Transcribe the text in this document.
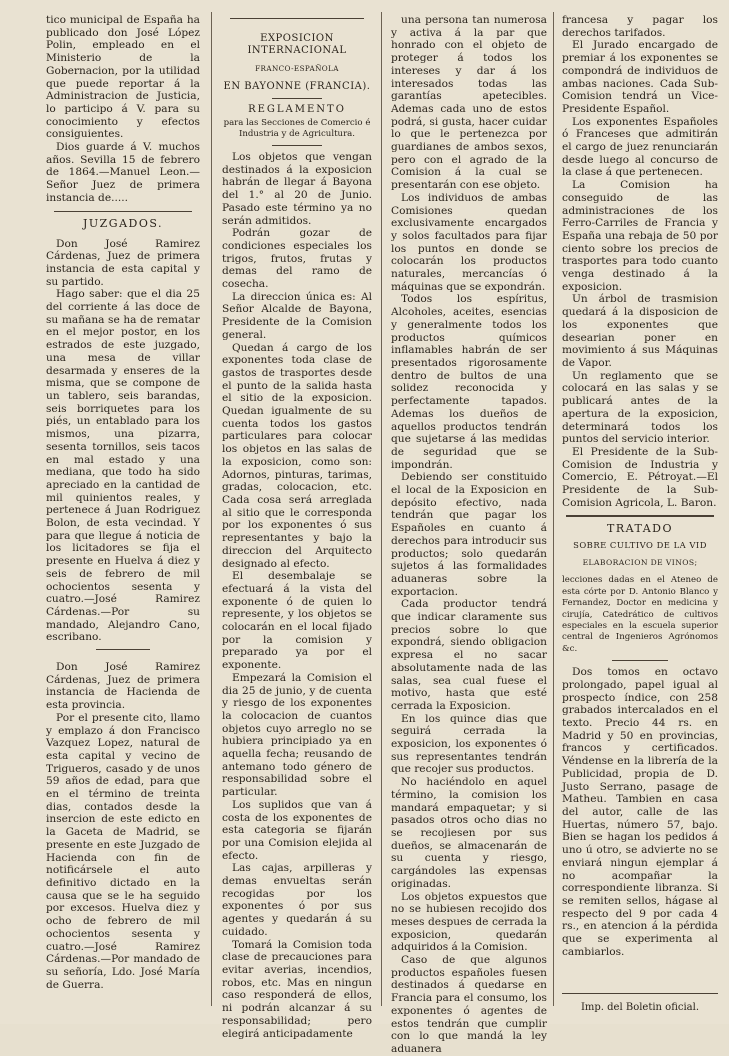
tico municipal de España ha publicado don José López Polin, empleado en el Ministerio de la Gobernacion, por la utilidad que puede reportar á la Administracion de Justicia, lo participo á V. para su conocimiento y efectos consiguientes.

Dios guarde á V. muchos años. Sevilla 15 de febrero de 1864.—Manuel Leon.—Señor Juez de primera instancia de.....

JUZGADOS.

Don José Ramirez Cárdenas, Juez de primera instancia de esta capital y su partido.

Hago saber: que el dia 25 del corriente á las doce de su mañana se ha de rematar en el mejor postor, en los estrados de este juzgado, una mesa de villar desarmada y enseres de la misma, que se compone de un tablero, seis barandas, seis borriquetes para los piés, un entablado para los mismos, una pizarra, sesenta tornillos, seis tacos en mal estado y una mediana, que todo ha sido apreciado en la cantidad de mil quinientos reales, y pertenece á Juan Rodriguez Bolon, de esta vecindad. Y para que llegue á noticia de los licitadores se fija el presente en Huelva á diez y seis de febrero de mil ochocientos sesenta y cuatro.—José Ramirez Cárdenas.—Por su mandado, Alejandro Cano, escribano.

Don José Ramirez Cárdenas, Juez de primera instancia de Hacienda de esta provincia.

Por el presente cito, llamo y emplazo á don Francisco Vazquez Lopez, natural de esta capital y vecino de Trigueros, casado y de unos 59 años de edad, para que en el término de treinta dias, contados desde la insercion de este edicto en la Gaceta de Madrid, se presente en este Juzgado de Hacienda con fin de notificársele el auto definitivo dictado en la causa que se le ha seguido por excesos. Huelva diez y ocho de febrero de mil ochocientos sesenta y cuatro.—José Ramirez Cárdenas.—Por mandado de su señoría, Ldo. José María de Guerra.

EXPOSICION INTERNACIONAL
FRANCO-ESPAÑOLA
EN BAYONNE (FRANCIA).
REGLAMENTO
para las Secciones de Comercio é Industria y de Agricultura.

Los objetos que vengan destinados á la exposicion habrán de llegar á Bayona del 1.° al 20 de Junio. Pasado este término ya no serán admitidos.

Podrán gozar de condiciones especiales los trigos, frutos, frutas y demas del ramo de cosecha.

La direccion única es: Al Señor Alcalde de Bayona, Presidente de la Comision general.

Quedan á cargo de los exponentes toda clase de gastos de trasportes desde el punto de la salida hasta el sitio de la exposicion. Quedan igualmente de su cuenta todos los gastos particulares para colocar los objetos en las salas de la exposicion, como son: Adornos, pinturas, tarimas, gradas, colocacion, etc. Cada cosa será arreglada al sitio que le corresponda por los exponentes ó sus representantes y bajo la direccion del Arquitecto designado al efecto.

El desembalaje se efectuará á la vista del exponente ó de quien lo represente, y los objetos se colocarán en el local fijado por la comision y preparado ya por el exponente.

Empezará la Comision el dia 25 de junio, y de cuenta y riesgo de los exponentes la colocacion de cuantos objetos cuyo arreglo no se hubiera principiado ya en aquella fecha; reusando de antemano todo género de responsabilidad sobre el particular.

Los suplidos que van á costa de los exponentes de esta categoria se fijarán por una Comision elejida al efecto.

Las cajas, arpilleras y demas envueltas serán recogidas por los exponentes ó por sus agentes y quedarán á su cuidado.

Tomará la Comision toda clase de precauciones para evitar averias, incendios, robos, etc. Mas en ningun caso responderá de ellos, ni podrán alcanzar á su responsabilidad; pero elegirá anticipadamente

una persona tan numerosa y activa á la par que honrado con el objeto de proteger á todos los intereses y dar á los interesados todas las garantías apetecibles. Ademas cada uno de estos podrá, si gusta, hacer cuidar lo que le pertenezca por guardianes de ambos sexos, pero con el agrado de la Comision á la cual se presentarán con ese objeto.

Los individuos de ambas Comisiones quedan exclusivamente encargados y solos facultados para fijar los puntos en donde se colocarán los productos naturales, mercancías ó máquinas que se expondrán.

Todos los espíritus, Alcoholes, aceites, esencias y generalmente todos los productos químicos inflamables habrán de ser presentados rigorosamente dentro de bultos de una solidez reconocida y perfectamente tapados. Ademas los dueños de aquellos productos tendrán que sujetarse á las medidas de seguridad que se impondrán.

Debiendo ser constituido el local de la Exposicion en depósito efectivo, nada tendrán que pagar los Españoles en cuanto á derechos para introducir sus productos; solo quedarán sujetos á las formalidades aduaneras sobre la exportacion.

Cada productor tendrá que indicar claramente sus precios sobre lo que expondrá, siendo obligacion expresa el no sacar absolutamente nada de las salas, sea cual fuese el motivo, hasta que esté cerrada la Exposicion.

En los quince dias que seguirá cerrada la exposicion, los exponentes ó sus representantes tendrán que recojer sus productos.

No haciéndolo en aquel término, la comision los mandará empaquetar; y si pasados otros ocho dias no se recojiesen por sus dueños, se almacenarán de su cuenta y riesgo, cargándoles las expensas originadas.

Los objetos expuestos que no se hubiesen recojido dos meses despues de cerrada la exposicion, quedarán adquiridos á la Comision.

Caso de que algunos productos españoles fuesen destinados á quedarse en Francia para el consumo, los exponentes ó agentes de estos tendrán que cumplir con lo que mandá la ley aduanera

francesa y pagar los derechos tarifados.

El Jurado encargado de premiar á los exponentes se compondrá de individuos de ambas naciones. Cada Sub-Comision tendrá un Vice-Presidente Español.

Los exponentes Españoles ó Franceses que admitirán el cargo de juez renunciarán desde luego al concurso de la clase á que pertenecen.

La Comision ha conseguido de las administraciones de los Ferro-Carriles de Francia y España una rebaja de 50 por ciento sobre los precios de trasportes para todo cuanto venga destinado á la exposicion.

Un árbol de trasmision quedará á la disposicion de los exponentes que desearian poner en movimiento á sus Máquinas de Vapor.

Un reglamento que se colocará en las salas y se publicará antes de la apertura de la exposicion, determinará todos los puntos del servicio interior.

El Presidente de la Sub-Comision de Industria y Comercio, E. Pétroyat.—El Presidente de la Sub-Comision Agricola, L. Baron.

TRATADO
SOBRE CULTIVO DE LA VID
ELABORACION DE VINOS;
lecciones dadas en el Ateneo de esta córte por D. Antonio Blanco y Fernandez, Doctor en medicina y cirujía, Catedrático de cultivos especiales en la escuela superior central de Ingenieros Agrónomos &c.

Dos tomos en octavo prolongado, papel igual al prospecto índice, con 258 grabados intercalados en el texto. Precio 44 rs. en Madrid y 50 en provincias, francos y certificados. Véndense en la librería de la Publicidad, propia de D. Justo Serrano, pasage de Matheu. Tambien en casa del autor, calle de las Huertas, número 57, bajo. Bien se hagan los pedidos á uno ú otro, se advierte no se enviará ningun ejemplar á no acompañar la correspondiente libranza. Si se remiten sellos, hágase al respecto del 9 por cada 4 rs., en atencion á la pérdida que se experimenta al cambiarlos.

Imp. del Boletin oficial.
